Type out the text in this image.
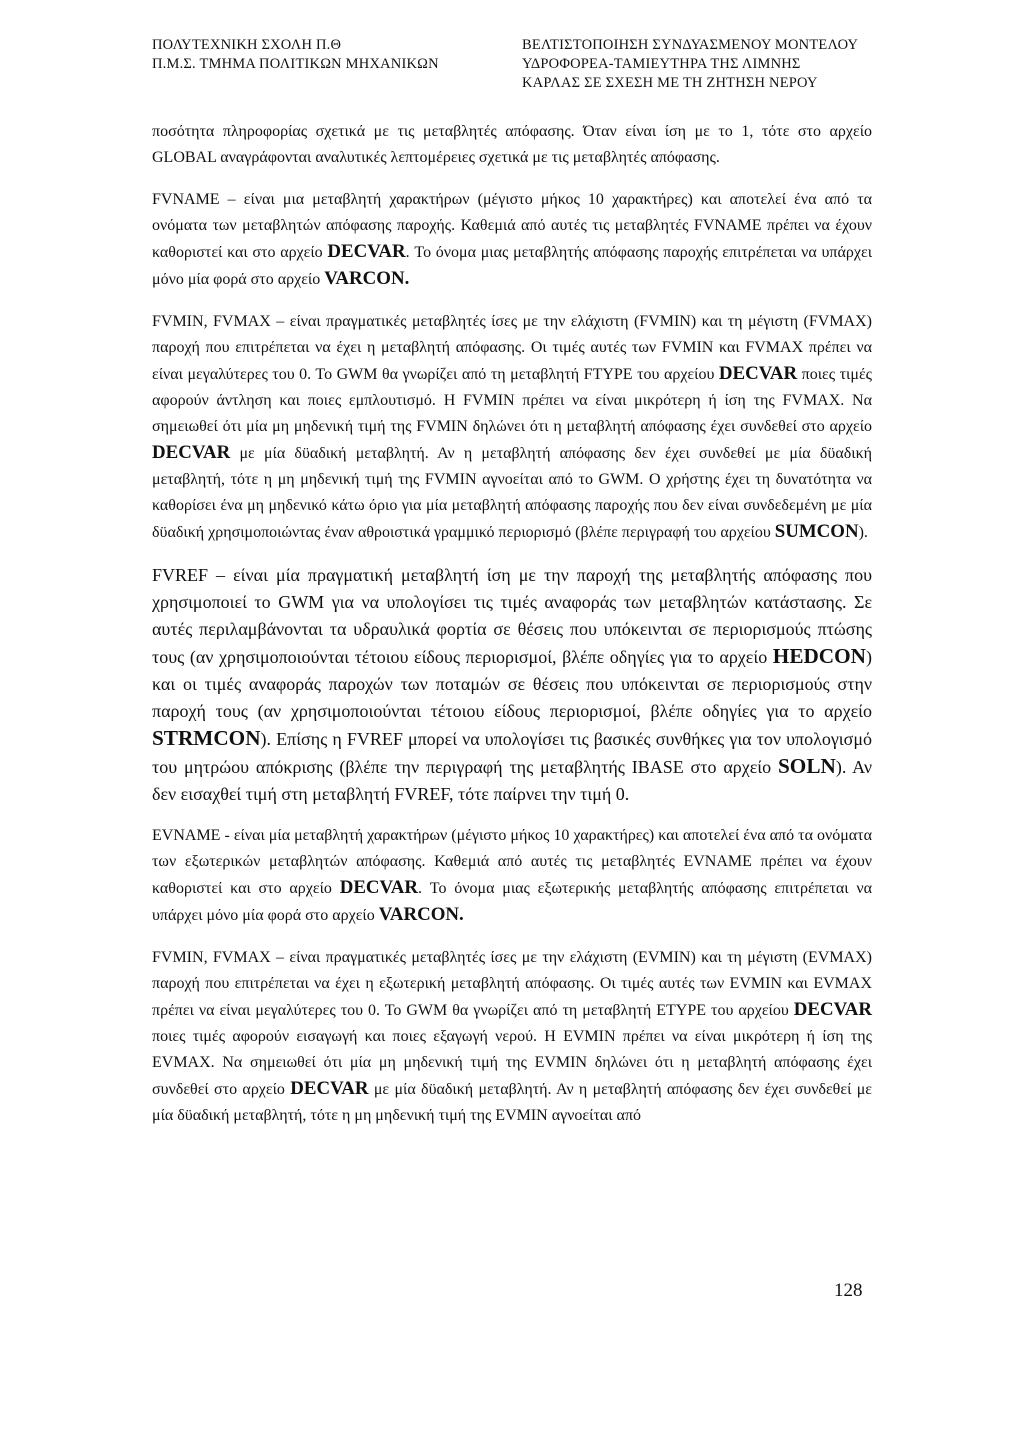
ΠΟΛΥΤΕΧΝΙΚΗ ΣΧΟΛΗ Π.Θ
Π.Μ.Σ. ΤΜΗΜΑ ΠΟΛΙΤΙΚΩΝ ΜΗΧΑΝΙΚΩΝ
ΒΕΛΤΙΣΤΟΠΟΙΗΣΗ ΣΥΝΔΥΑΣΜΕΝΟΥ ΜΟΝΤΕΛΟΥ
ΥΔΡΟΦΟΡΕΑ-ΤΑΜΙΕΥΤΗΡΑ ΤΗΣ ΛΙΜΝΗΣ
ΚΑΡΛΑΣ ΣΕ ΣΧΕΣΗ ΜΕ ΤΗ ΖΗΤΗΣΗ ΝΕΡΟΥ

ποσότητα πληροφορίας σχετικά με τις μεταβλητές απόφασης. Όταν είναι ίση με το 1, τότε στο αρχείο GLOBAL αναγράφονται αναλυτικές λεπτομέρειες σχετικά με τις μεταβλητές απόφασης.

FVNAME – είναι μια μεταβλητή χαρακτήρων (μέγιστο μήκος 10 χαρακτήρες) και αποτελεί ένα από τα ονόματα των μεταβλητών απόφασης παροχής. Καθεμιά από αυτές τις μεταβλητές FVNAME πρέπει να έχουν καθοριστεί και στο αρχείο DECVAR. Το όνομα μιας μεταβλητής απόφασης παροχής επιτρέπεται να υπάρχει μόνο μία φορά στο αρχείο VARCON.

FVMIN, FVMAX – είναι πραγματικές μεταβλητές ίσες με την ελάχιστη (FVMIN) και τη μέγιστη (FVMAX) παροχή που επιτρέπεται να έχει η μεταβλητή απόφασης. Οι τιμές αυτές των FVMIN και FVMAX πρέπει να είναι μεγαλύτερες του 0. Το GWM θα γνωρίζει από τη μεταβλητή FTYPE του αρχείου DECVAR ποιες τιμές αφορούν άντληση και ποιες εμπλουτισμό. Η FVMIN πρέπει να είναι μικρότερη ή ίση της FVMAX. Να σημειωθεί ότι μία μη μηδενική τιμή της FVMIN δηλώνει ότι η μεταβλητή απόφασης έχει συνδεθεί στο αρχείο DECVAR με μία δϋαδική μεταβλητή. Αν η μεταβλητή απόφασης δεν έχει συνδεθεί με μία δϋαδική μεταβλητή, τότε η μη μηδενική τιμή της FVMIN αγνοείται από το GWM. Ο χρήστης έχει τη δυνατότητα να καθορίσει ένα μη μηδενικό κάτω όριο για μία μεταβλητή απόφασης παροχής που δεν είναι συνδεδεμένη με μία δϋαδική χρησιμοποιώντας έναν αθροιστικά γραμμικό περιορισμό (βλέπε περιγραφή του αρχείου SUMCON).

FVREF – είναι μία πραγματική μεταβλητή ίση με την παροχή της μεταβλητής απόφασης που χρησιμοποιεί το GWM για να υπολογίσει τις τιμές αναφοράς των μεταβλητών κατάστασης. Σε αυτές περιλαμβάνονται τα υδραυλικά φορτία σε θέσεις που υπόκεινται σε περιορισμούς πτώσης τους (αν χρησιμοποιούνται τέτοιου είδους περιορισμοί, βλέπε οδηγίες για το αρχείο HEDCON) και οι τιμές αναφοράς παροχών των ποταμών σε θέσεις που υπόκεινται σε περιορισμούς στην παροχή τους (αν χρησιμοποιούνται τέτοιου είδους περιορισμοί, βλέπε οδηγίες για το αρχείο STRMCON). Επίσης η FVREF μπορεί να υπολογίσει τις βασικές συνθήκες για τον υπολογισμό του μητρώου απόκρισης (βλέπε την περιγραφή της μεταβλητής IBASE στο αρχείο SOLN). Αν δεν εισαχθεί τιμή στη μεταβλητή FVREF, τότε παίρνει την τιμή 0.

EVNAME - είναι μία μεταβλητή χαρακτήρων (μέγιστο μήκος 10 χαρακτήρες) και αποτελεί ένα από τα ονόματα των εξωτερικών μεταβλητών απόφασης. Καθεμιά από αυτές τις μεταβλητές EVNAME πρέπει να έχουν καθοριστεί και στο αρχείο DECVAR. Το όνομα μιας εξωτερικής μεταβλητής απόφασης επιτρέπεται να υπάρχει μόνο μία φορά στο αρχείο VARCON.

FVMIN, FVMAX – είναι πραγματικές μεταβλητές ίσες με την ελάχιστη (EVMIN) και τη μέγιστη (EVMAX) παροχή που επιτρέπεται να έχει η εξωτερική μεταβλητή απόφασης. Οι τιμές αυτές των EVMIN και EVMAX πρέπει να είναι μεγαλύτερες του 0. Το GWM θα γνωρίζει από τη μεταβλητή ETYPE του αρχείου DECVAR ποιες τιμές αφορούν εισαγωγή και ποιες εξαγωγή νερού. Η EVMIN πρέπει να είναι μικρότερη ή ίση της EVMAX. Να σημειωθεί ότι μία μη μηδενική τιμή της EVMIN δηλώνει ότι η μεταβλητή απόφασης έχει συνδεθεί στο αρχείο DECVAR με μία δϋαδική μεταβλητή. Αν η μεταβλητή απόφασης δεν έχει συνδεθεί με μία δϋαδική μεταβλητή, τότε η μη μηδενική τιμή της EVMIN αγνοείται από

128
